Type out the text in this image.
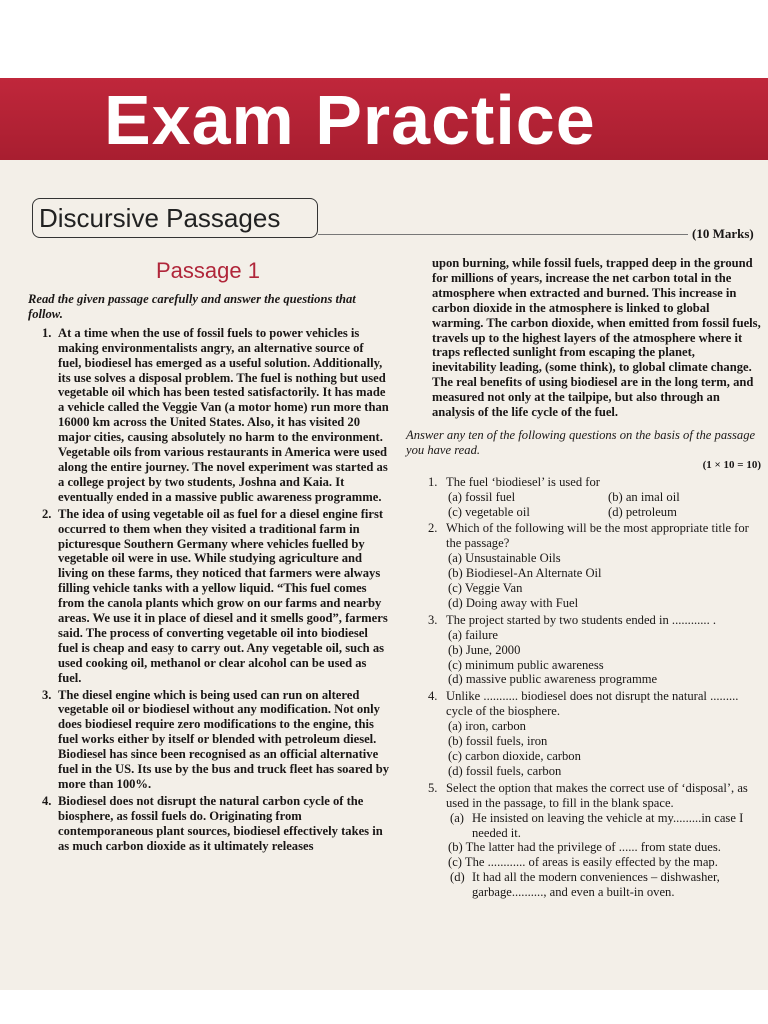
Exam Practice
Discursive Passages
(10 Marks)
Passage 1

Read the given passage carefully and answer the questions that follow.

1. At a time when the use of fossil fuels to power vehicles is making environmentalists angry, an alternative source of fuel, biodiesel has emerged as a useful solution. Additionally, its use solves a disposal problem. The fuel is nothing but used vegetable oil which has been tested satisfactorily. It has made a vehicle called the Veggie Van (a motor home) run more than 16000 km across the United States. Also, it has visited 20 major cities, causing absolutely no harm to the environment. Vegetable oils from various restaurants in America were used along the entire journey. The novel experiment was started as a college project by two students, Joshna and Kaia. It eventually ended in a massive public awareness programme.
2. The idea of using vegetable oil as fuel for a diesel engine first occurred to them when they visited a traditional farm in picturesque Southern Germany where vehicles fuelled by vegetable oil were in use. While studying agriculture and living on these farms, they noticed that farmers were always filling vehicle tanks with a yellow liquid. “This fuel comes from the canola plants which grow on our farms and nearby areas. We use it in place of diesel and it smells good”, farmers said. The process of converting vegetable oil into biodiesel fuel is cheap and easy to carry out. Any vegetable oil, such as used cooking oil, methanol or clear alcohol can be used as fuel.
3. The diesel engine which is being used can run on altered vegetable oil or biodiesel without any modification. Not only does biodiesel require zero modifications to the engine, this fuel works either by itself or blended with petroleum diesel. Biodiesel has since been recognised as an official alternative fuel in the US. Its use by the bus and truck fleet has soared by more than 100%.
4. Biodiesel does not disrupt the natural carbon cycle of the biosphere, as fossil fuels do. Originating from contemporaneous plant sources, biodiesel effectively takes in as much carbon dioxide as it ultimately releases

upon burning, while fossil fuels, trapped deep in the ground for millions of years, increase the net carbon total in the atmosphere when extracted and burned. This increase in carbon dioxide in the atmosphere is linked to global warming. The carbon dioxide, when emitted from fossil fuels, travels up to the highest layers of the atmosphere where it traps reflected sunlight from escaping the planet, inevitability leading, (some think), to global climate change. The real benefits of using biodiesel are in the long term, and measured not only at the tailpipe, but also through an analysis of the life cycle of the fuel.

Answer any ten of the following questions on the basis of the passage you have read.

(1 × 10 = 10)

1. The fuel ‘biodiesel’ is used for
(a) fossil fuel	(b) an imal oil
(c) vegetable oil	(d) petroleum
2. Which of the following will be the most appropriate title for the passage?

(a) Unsustainable Oils

(b) Biodiesel-An Alternate Oil

(c) Veggie Van

(d) Doing away with Fuel

3. The project started by two students ended in ............ .

(a) failure

(b) June, 2000

(c) minimum public awareness

(d) massive public awareness programme

4. Unlike ........... biodiesel does not disrupt the natural ......... cycle of the biosphere.

(a) iron, carbon

(b) fossil fuels, iron

(c) carbon dioxide, carbon

(d) fossil fuels, carbon

5. Select the option that makes the correct use of ‘disposal’, as used in the passage, to fill in the blank space.
(a) He insisted on leaving the vehicle at my.........in case I needed it.

(b) The latter had the privilege of ...... from state dues.

(c) The ............ of areas is easily effected by the map.

(d) It had all the modern conveniences – dishwasher, garbage.........., and even a built-in oven.
